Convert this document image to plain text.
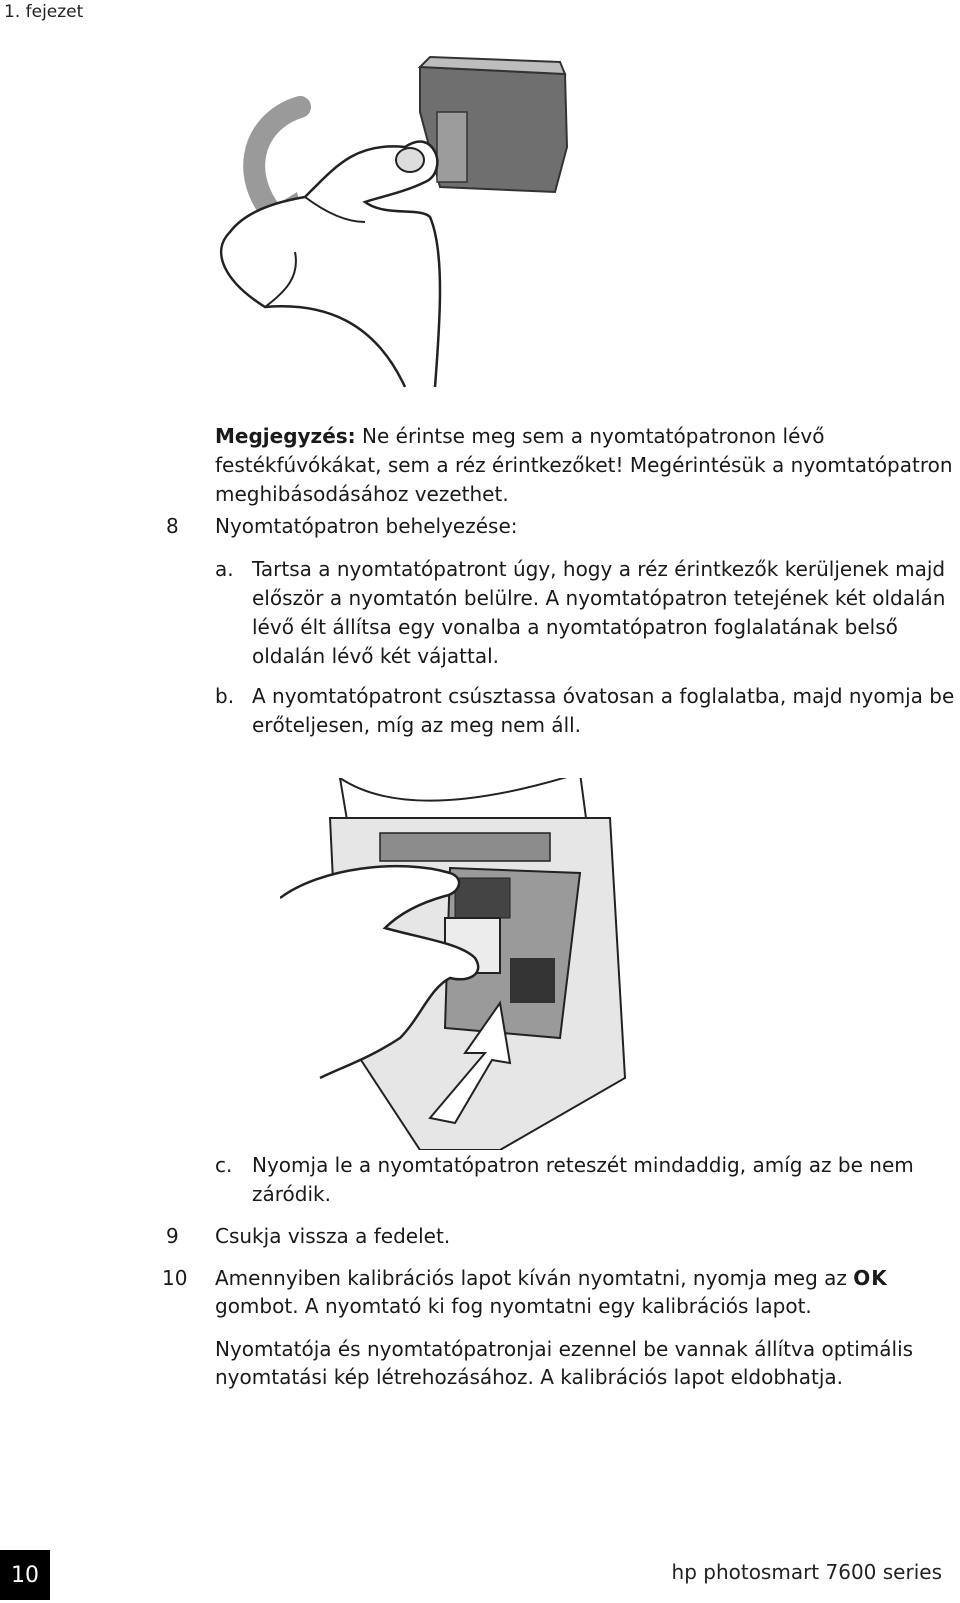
1. fejezet
Megjegyzés: Ne érintse meg sem a nyomtatópatronon lévő festékfúvókákat, sem a réz érintkezőket! Megérintésük a nyomtatópatron meghibásodásához vezethet.
8 Nyomtatópatron behelyezése:
a. Tartsa a nyomtatópatront úgy, hogy a réz érintkezők kerüljenek majd először a nyomtatón belülre. A nyomtatópatron tetejének két oldalán lévő élt állítsa egy vonalba a nyomtatópatron foglalatának belső oldalán lévő két vájattal.
b. A nyomtatópatront csúsztassa óvatosan a foglalatba, majd nyomja be erőteljesen, míg az meg nem áll.
c. Nyomja le a nyomtatópatron reteszét mindaddig, amíg az be nem záródik.
9 Csukja vissza a fedelet.
10 Amennyiben kalibrációs lapot kíván nyomtatni, nyomja meg az OK gombot. A nyomtató ki fog nyomtatni egy kalibrációs lapot.
Nyomtatója és nyomtatópatronjai ezennel be vannak állítva optimális nyomtatási kép létrehozásához. A kalibrációs lapot eldobhatja.
10	hp photosmart 7600 series
